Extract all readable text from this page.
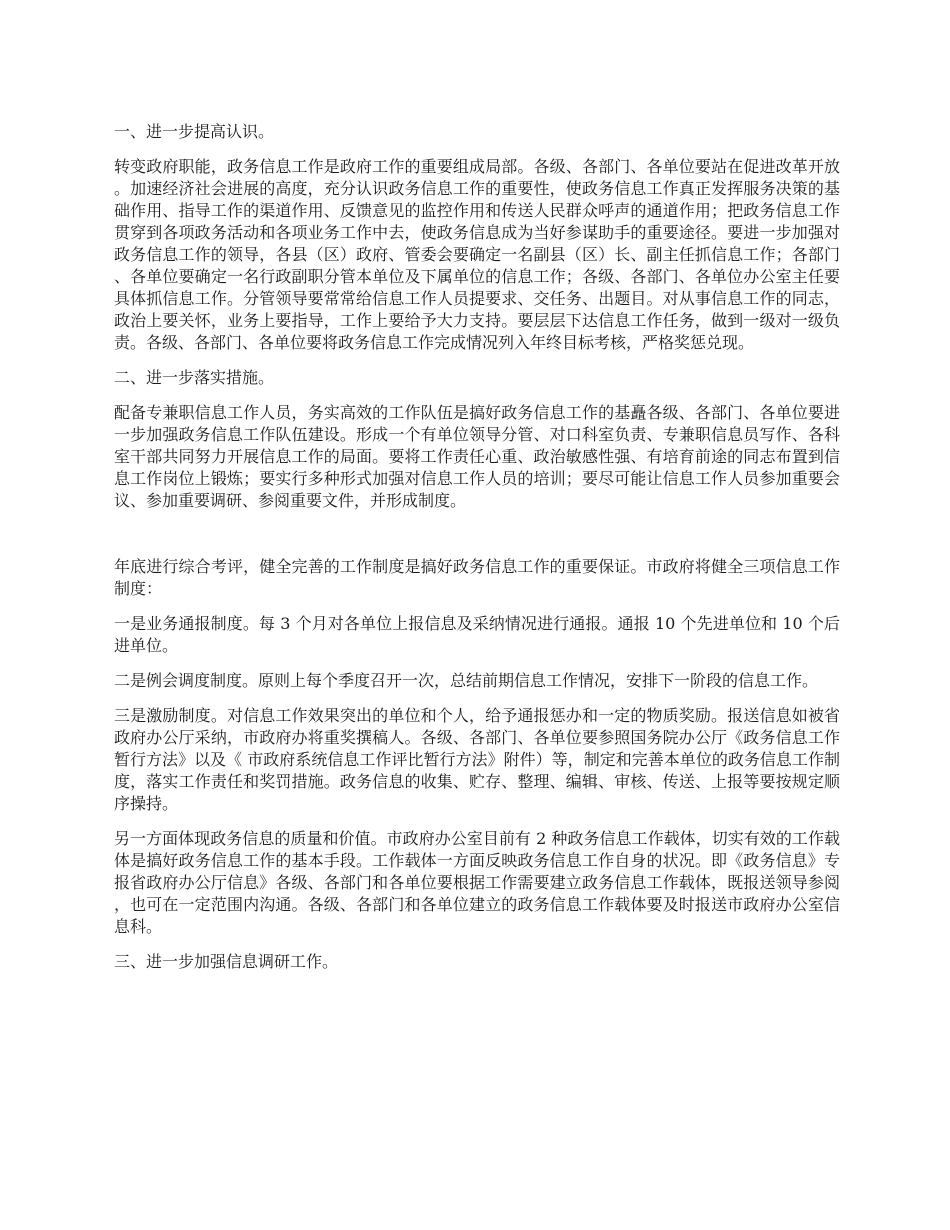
一、进一步提高认识。

转变政府职能，政务信息工作是政府工作的重要组成局部。各级、各部门、各单位要站在促进改革开放。加速经济社会进展的高度，充分认识政务信息工作的重要性，使政务信息工作真正发挥服务决策的基础作用、指导工作的渠道作用、反馈意见的监控作用和传送人民群众呼声的通道作用；把政务信息工作贯穿到各项政务活动和各项业务工作中去，使政务信息成为当好参谋助手的重要途径。要进一步加强对政务信息工作的领导，各县（区）政府、管委会要确定一名副县（区）长、副主任抓信息工作；各部门、各单位要确定一名行政副职分管本单位及下属单位的信息工作；各级、各部门、各单位办公室主任要具体抓信息工作。分管领导要常常给信息工作人员提要求、交任务、出题目。对从事信息工作的同志，政治上要关怀，业务上要指导，工作上要给予大力支持。要层层下达信息工作任务，做到一级对一级负责。各级、各部门、各单位要将政务信息工作完成情况列入年终目标考核，严格奖惩兑现。

二、进一步落实措施。

配备专兼职信息工作人员，务实高效的工作队伍是搞好政务信息工作的基矗各级、各部门、各单位要进一步加强政务信息工作队伍建设。形成一个有单位领导分管、对口科室负责、专兼职信息员写作、各科室干部共同努力开展信息工作的局面。要将工作责任心重、政治敏感性强、有培育前途的同志布置到信息工作岗位上锻炼；要实行多种形式加强对信息工作人员的培训；要尽可能让信息工作人员参加重要会议、参加重要调研、参阅重要文件，并形成制度。

年底进行综合考评，健全完善的工作制度是搞好政务信息工作的重要保证。市政府将健全三项信息工作制度：

一是业务通报制度。每 3 个月对各单位上报信息及采纳情况进行通报。通报 10 个先进单位和 10 个后进单位。

二是例会调度制度。原则上每个季度召开一次，总结前期信息工作情况，安排下一阶段的信息工作。

三是激励制度。对信息工作效果突出的单位和个人，给予通报惩办和一定的物质奖励。报送信息如被省政府办公厅采纳，市政府办将重奖撰稿人。各级、各部门、各单位要参照国务院办公厅《政务信息工作暂行方法》以及《 市政府系统信息工作评比暂行方法》附件）等，制定和完善本单位的政务信息工作制度，落实工作责任和奖罚措施。政务信息的收集、贮存、整理、编辑、审核、传送、上报等要按规定顺序操持。

另一方面体现政务信息的质量和价值。市政府办公室目前有 2 种政务信息工作载体，切实有效的工作载体是搞好政务信息工作的基本手段。工作载体一方面反映政务信息工作自身的状况。即《政务信息》专报省政府办公厅信息》各级、各部门和各单位要根据工作需要建立政务信息工作载体，既报送领导参阅，也可在一定范围内沟通。各级、各部门和各单位建立的政务信息工作载体要及时报送市政府办公室信息科。

三、进一步加强信息调研工作。
